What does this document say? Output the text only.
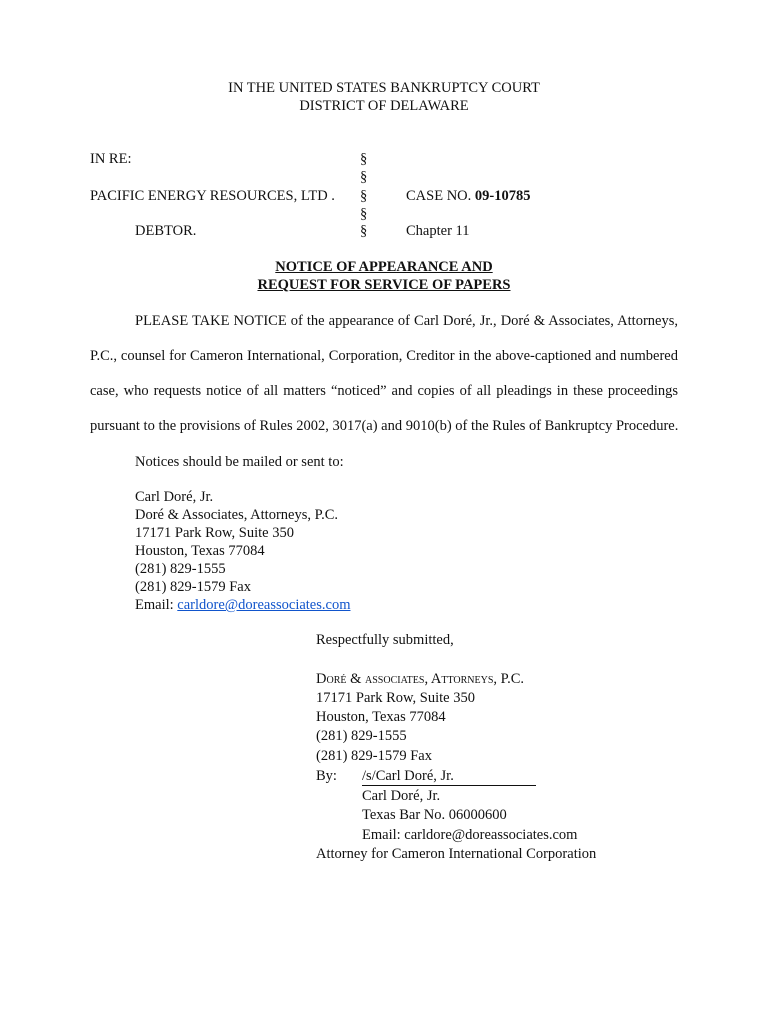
IN THE UNITED STATES BANKRUPTCY COURT
DISTRICT OF DELAWARE
IN RE:
PACIFIC ENERGY RESOURCES, LTD .
DEBTOR.
§
§
§
§
§
CASE NO. 09-10785
Chapter 11
NOTICE OF APPEARANCE AND
REQUEST FOR SERVICE OF PAPERS
PLEASE TAKE NOTICE of the appearance of Carl Doré, Jr., Doré & Associates, Attorneys,
P.C., counsel for Cameron International, Corporation, Creditor in the above-captioned and numbered
case, who requests notice of all matters “noticed” and copies of all pleadings in these proceedings
pursuant to the provisions of Rules 2002, 3017(a) and 9010(b) of the Rules of Bankruptcy Procedure.
Notices should be mailed or sent to:
Carl Doré, Jr.
Doré & Associates, Attorneys, P.C.
17171 Park Row, Suite 350
Houston, Texas 77084
(281) 829-1555
(281) 829-1579 Fax
Email: carldore@doreassociates.com
Respectfully submitted,
Doré & associates, Attorneys, P.C.
17171 Park Row, Suite 350
Houston, Texas 77084
(281) 829-1555
(281) 829-1579 Fax
By: /s/Carl Doré, Jr.
Carl Doré, Jr.
Texas Bar No. 06000600
Email: carldore@doreassociates.com
Attorney for Cameron International Corporation
